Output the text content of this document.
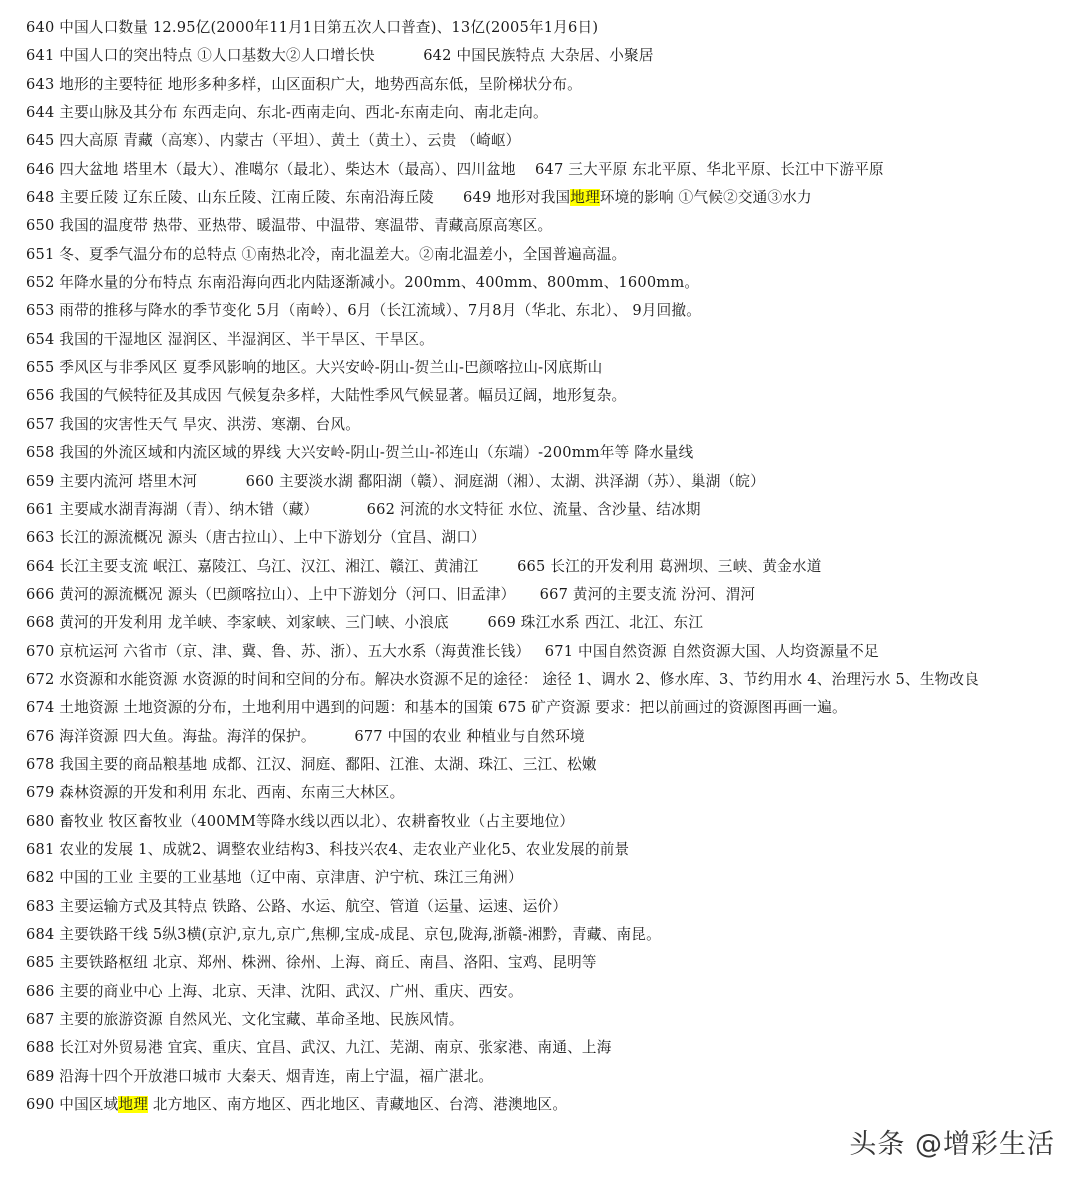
640 中国人口数量 12.95亿(2000年11月1日第五次人口普查)、13亿(2005年1月6日)
641 中国人口的突出特点 ①人口基数大②人口增长快          642 中国民族特点 大杂居、小聚居
643 地形的主要特征 地形多种多样，山区面积广大，地势西高东低，呈阶梯状分布。
644 主要山脉及其分布 东西走向、东北-西南走向、西北-东南走向、南北走向。
645 四大高原 青藏（高寒）、内蒙古（平坦）、黄土（黄土）、云贵 （崎岖）
646 四大盆地 塔里木（最大）、准噶尔（最北）、柴达木（最高）、四川盆地    647 三大平原 东北平原、华北平原、长江中下游平原
648 主要丘陵 辽东丘陵、山东丘陵、江南丘陵、东南沿海丘陵      649 地形对我国地理环境的影响 ①气候②交通③水力
650 我国的温度带 热带、亚热带、暖温带、中温带、寒温带、青藏高原高寒区。
651 冬、夏季气温分布的总特点 ①南热北冷，南北温差大。②南北温差小，全国普遍高温。
652 年降水量的分布特点 东南沿海向西北内陆逐渐减小。200mm、400mm、800mm、1600mm。
653 雨带的推移与降水的季节变化 5月（南岭）、6月（长江流域）、7月8月（华北、东北）、 9月回撤。
654 我国的干湿地区 湿润区、半湿润区、半干旱区、干旱区。
655 季风区与非季风区 夏季风影响的地区。大兴安岭-阴山-贺兰山-巴颜喀拉山-冈底斯山
656 我国的气候特征及其成因 气候复杂多样，大陆性季风气候显著。幅员辽阔，地形复杂。
657 我国的灾害性天气 旱灾、洪涝、寒潮、台风。
658 我国的外流区域和内流区域的界线 大兴安岭-阴山-贺兰山-祁连山（东端）-200mm年等 降水量线
659 主要内流河 塔里木河          660 主要淡水湖 鄱阳湖（赣）、洞庭湖（湘）、太湖、洪泽湖（苏）、巢湖（皖）
661 主要咸水湖青海湖（青）、纳木错（藏）          662 河流的水文特征 水位、流量、含沙量、结冰期
663 长江的源流概况 源头（唐古拉山）、上中下游划分（宜昌、湖口）
664 长江主要支流 岷江、嘉陵江、乌江、汉江、湘江、赣江、黄浦江        665 长江的开发利用 葛洲坝、三峡、黄金水道
666 黄河的源流概况 源头（巴颜喀拉山）、上中下游划分（河口、旧孟津）     667 黄河的主要支流 汾河、渭河
668 黄河的开发利用 龙羊峡、李家峡、刘家峡、三门峡、小浪底        669 珠江水系 西江、北江、东江
670 京杭运河 六省市（京、津、冀、鲁、苏、浙）、五大水系（海黄淮长钱）   671 中国自然资源 自然资源大国、人均资源量不足
672 水资源和水能资源 水资源的时间和空间的分布。解决水资源不足的途径： 途径 1、调水 2、修水库、3、节约用水 4、治理污水 5、生物改良
674 土地资源 土地资源的分布，土地利用中遇到的问题：和基本的国策 675 矿产资源 要求：把以前画过的资源图再画一遍。
676 海洋资源 四大鱼。海盐。海洋的保护。        677 中国的农业 种植业与自然环境
678 我国主要的商品粮基地 成都、江汉、洞庭、鄱阳、江淮、太湖、珠江、三江、松嫩
679 森林资源的开发和利用 东北、西南、东南三大林区。
680 畜牧业 牧区畜牧业（400MM等降水线以西以北）、农耕畜牧业（占主要地位）
681 农业的发展 1、成就2、调整农业结构3、科技兴农4、走农业产业化5、农业发展的前景
682 中国的工业 主要的工业基地（辽中南、京津唐、沪宁杭、珠江三角洲）
683 主要运输方式及其特点 铁路、公路、水运、航空、管道（运量、运速、运价）
684 主要铁路干线 5纵3横(京沪,京九,京广,焦柳,宝成-成昆、京包,陇海,浙赣-湘黔，青藏、南昆。
685 主要铁路枢纽 北京、郑州、株洲、徐州、上海、商丘、南昌、洛阳、宝鸡、昆明等
686 主要的商业中心 上海、北京、天津、沈阳、武汉、广州、重庆、西安。
687 主要的旅游资源 自然风光、文化宝藏、革命圣地、民族风情。
688 长江对外贸易港 宜宾、重庆、宜昌、武汉、九江、芜湖、南京、张家港、南通、上海
689 沿海十四个开放港口城市 大秦天、烟青连，南上宁温，福广湛北。
690 中国区域地理 北方地区、南方地区、西北地区、青藏地区、台湾、港澳地区。
头条 @增彩生活
